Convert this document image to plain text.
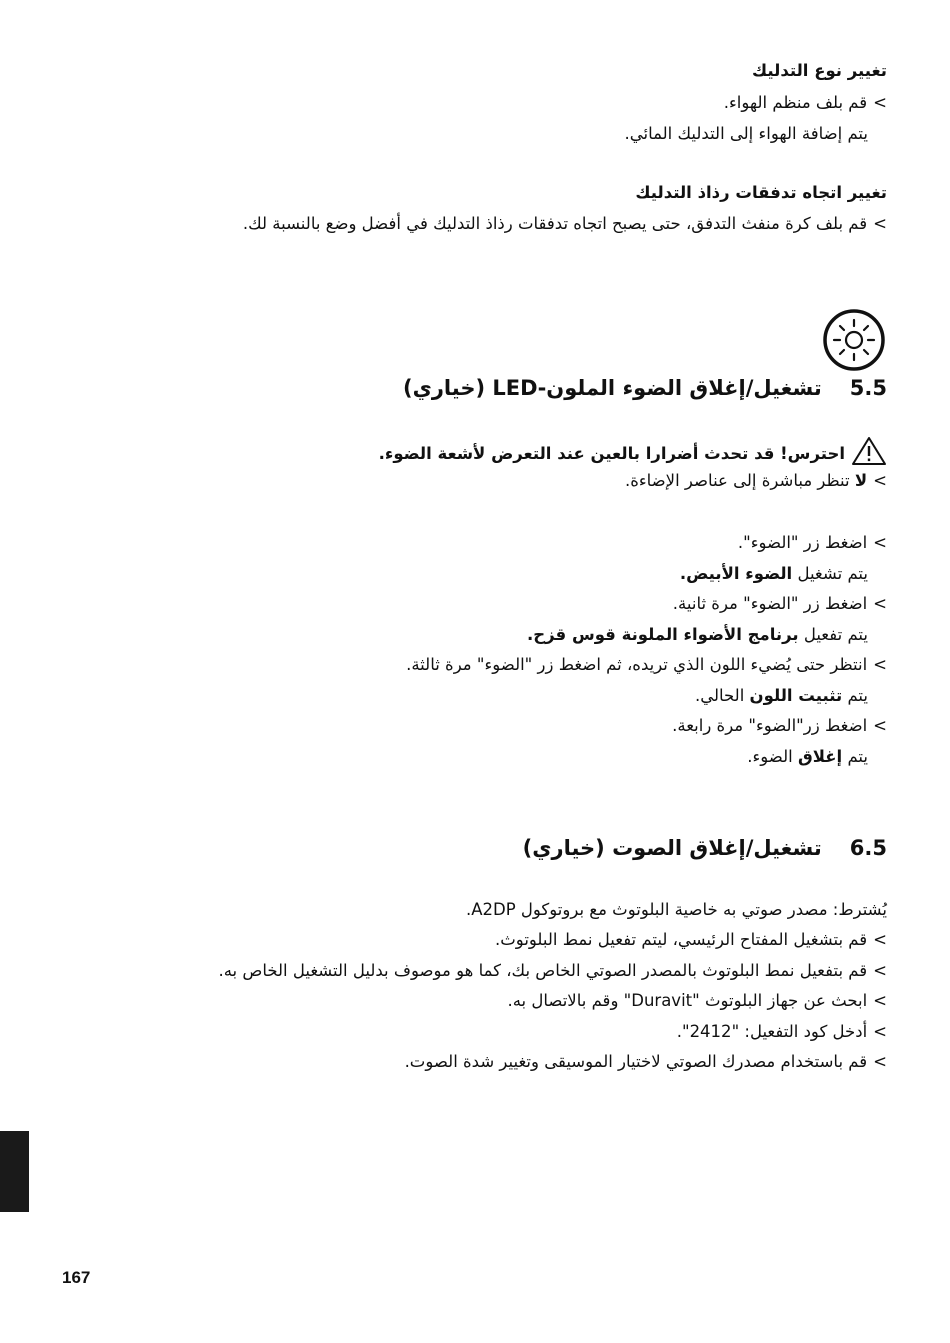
تغيير نوع التدليك
>قم بلف منظم الهواء.
يتم إضافة الهواء إلى التدليك المائي.
تغيير اتجاه تدفقات رذاذ التدليك
>قم بلف كرة منفث التدفق، حتى يصبح اتجاه تدفقات رذاذ التدليك في أفضل وضع بالنسبة لك.
5.5تشغيل/إغلاق الضوء الملون-LED (خياري)
احترس! قد تحدث أضرارا بالعين عند التعرض لأشعة الضوء.
>لا تنظر مباشرة إلى عناصر الإضاءة.
>اضغط زر "الضوء".
يتم تشغيل الضوء الأبيض.
>اضغط زر "الضوء" مرة ثانية.
يتم تفعيل برنامج الأضواء الملونة قوس قزح.
>انتظر حتى يُضيء اللون الذي تريده، ثم اضغط زر "الضوء" مرة ثالثة.
يتم تثبيت اللون الحالي.
>اضغط زر"الضوء" مرة رابعة.
يتم إغلاق الضوء.
6.5تشغيل/إغلاق الصوت (خياري)
يُشترط: مصدر صوتي به خاصية البلوتوث مع بروتوكول A2DP.
>قم بتشغيل المفتاح الرئيسي، ليتم تفعيل نمط البلوتوث.
>قم بتفعيل نمط البلوتوث بالمصدر الصوتي الخاص بك، كما هو موصوف بدليل التشغيل الخاص به.
>ابحث عن جهاز البلوتوث "Duravit" وقم بالاتصال به.
>أدخل كود التفعيل: "2412".
>قم باستخدام مصدرك الصوتي لاختيار الموسيقى وتغيير شدة الصوت.
167
